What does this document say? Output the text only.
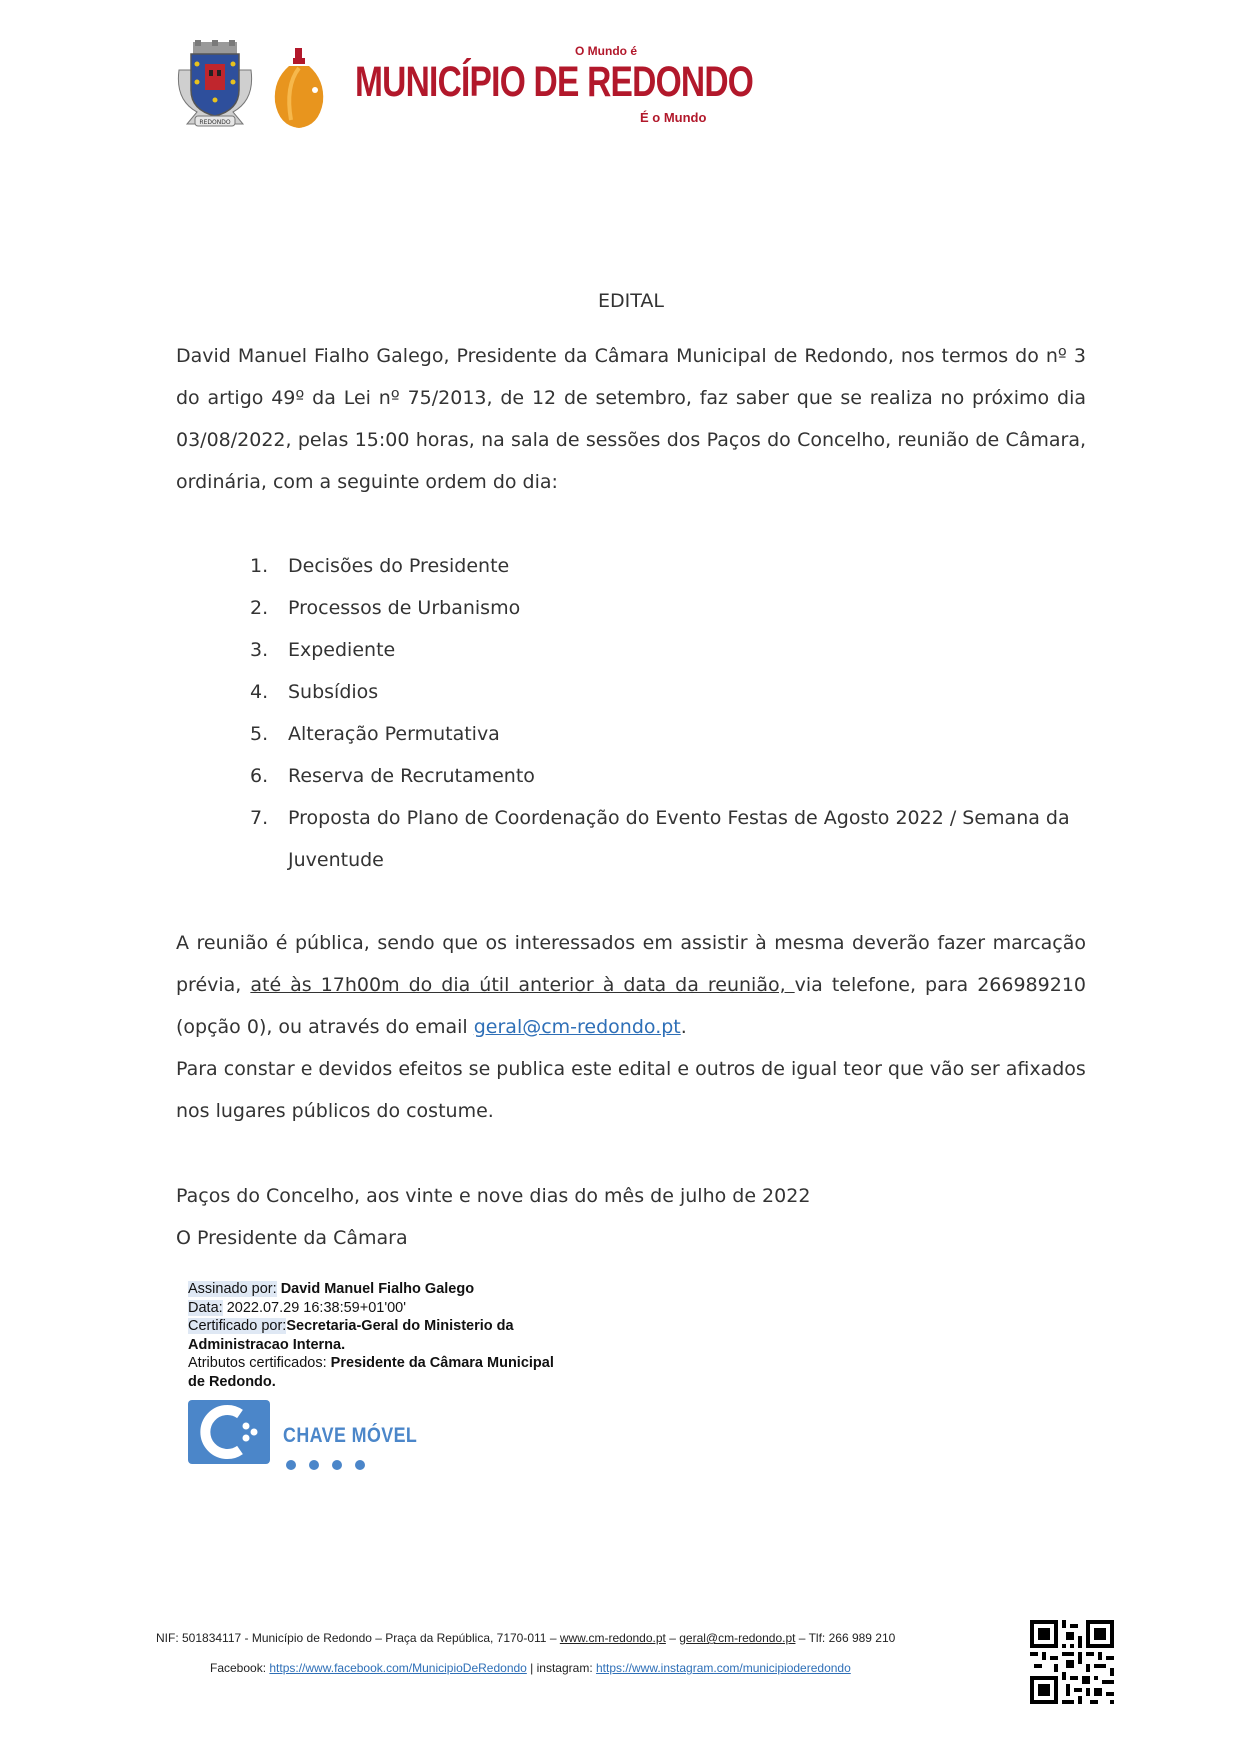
REDONDO
O Mundo é
MUNICÍPIO DE REDONDO
É o Mundo
EDITAL
David Manuel Fialho Galego, Presidente da Câmara Municipal de Redondo, nos termos do nº 3 do artigo 49º da Lei nº 75/2013, de 12 de setembro, faz saber que se realiza no próximo dia 03/08/2022, pelas 15:00 horas, na sala de sessões dos Paços do Concelho, reunião de Câmara, ordinária, com a seguinte ordem do dia:
1. Decisões do Presidente
2. Processos de Urbanismo
3. Expediente
4. Subsídios
5. Alteração Permutativa
6. Reserva de Recrutamento
7. Proposta do Plano de Coordenação do Evento Festas de Agosto 2022 / Semana da Juventude
A reunião é pública, sendo que os interessados em assistir à mesma deverão fazer marcação prévia, até às 17h00m do dia útil anterior à data da reunião, via telefone, para 266989210 (opção 0), ou através do email geral@cm-redondo.pt.
Para constar e devidos efeitos se publica este edital e outros de igual teor que vão ser afixados nos lugares públicos do costume.
Paços do Concelho, aos vinte e nove dias do mês de julho de 2022
O Presidente da Câmara
Assinado por: David Manuel Fialho Galego
Data: 2022.07.29 16:38:59+01'00'
Certificado por:Secretaria-Geral do Ministerio da Administracao Interna.
Atributos certificados: Presidente da Câmara Municipal de Redondo.
CHAVE MÓVEL
NIF: 501834117 - Município de Redondo – Praça da República, 7170-011 – www.cm-redondo.pt – geral@cm-redondo.pt – Tlf: 266 989 210
Facebook: https://www.facebook.com/MunicipioDeRedondo | instagram: https://www.instagram.com/municipioderedondo
